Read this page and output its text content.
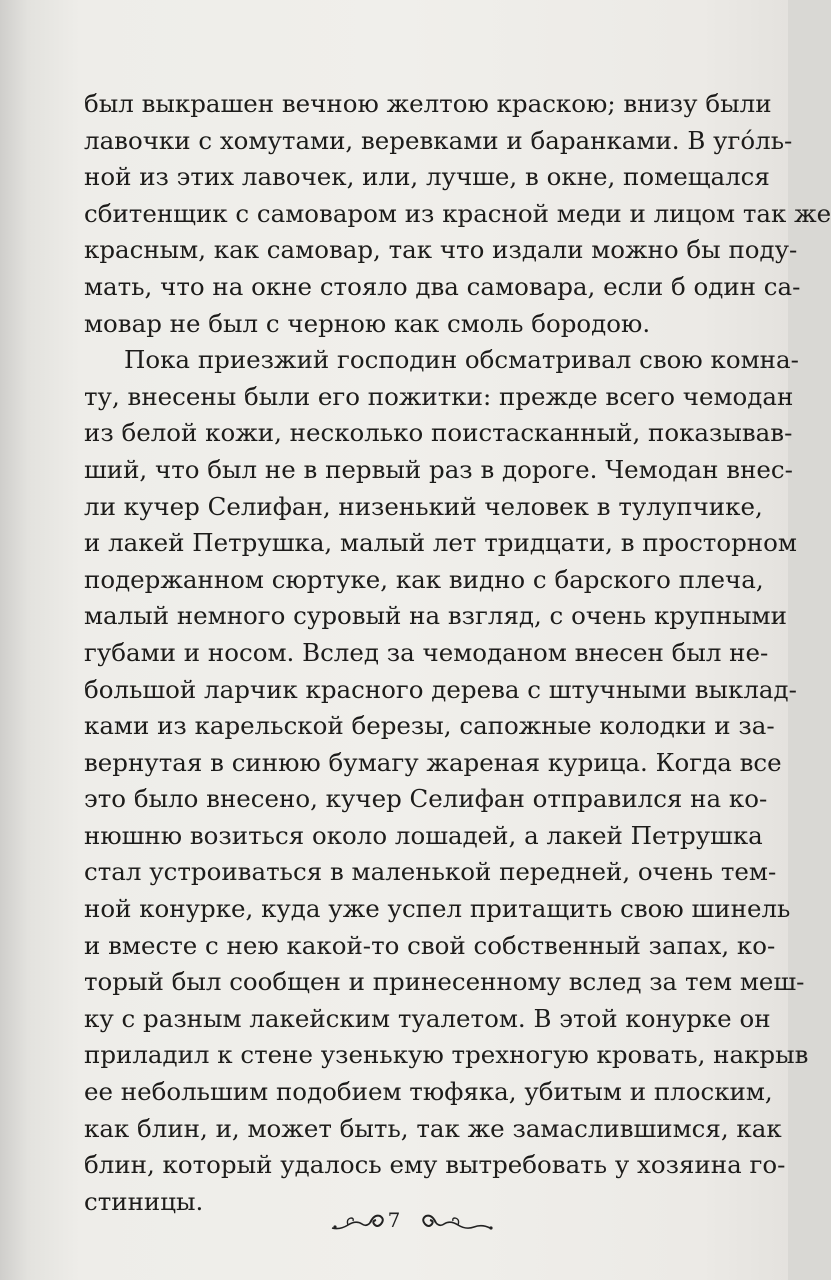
был выкрашен вечною желтою краскою; внизу были
лавочки с хомутами, веревками и баранками. В уго́ль-
ной из этих лавочек, или, лучше, в окне, помещался
сбитенщик с самоваром из красной меди и лицом так же
красным, как самовар, так что издали можно бы поду-
мать, что на окне стояло два самовара, если б один са-
мовар не был с черною как смоль бородою.
Пока приезжий господин обсматривал свою комна-
ту, внесены были его пожитки: прежде всего чемодан
из белой кожи, несколько поистасканный, показывав-
ший, что был не в первый раз в дороге. Чемодан внес-
ли кучер Селифан, низенький человек в тулупчике,
и лакей Петрушка, малый лет тридцати, в просторном
подержанном сюртуке, как видно с барского плеча,
малый немного суровый на взгляд, с очень крупными
губами и носом. Вслед за чемоданом внесен был не-
большой ларчик красного дерева с штучными выклад-
ками из карельской березы, сапожные колодки и за-
вернутая в синюю бумагу жареная курица. Когда все
это было внесено, кучер Селифан отправился на ко-
нюшню возиться около лошадей, а лакей Петрушка
стал устроиваться в маленькой передней, очень тем-
ной конурке, куда уже успел притащить свою шинель
и вместе с нею какой-то свой собственный запах, ко-
торый был сообщен и принесенному вслед за тем меш-
ку с разным лакейским туалетом. В этой конурке он
приладил к стене узенькую трехногую кровать, накрыв
ее небольшим подобием тюфяка, убитым и плоским,
как блин, и, может быть, так же замаслившимся, как
блин, который удалось ему вытребовать у хозяина го-
стиницы.
7
